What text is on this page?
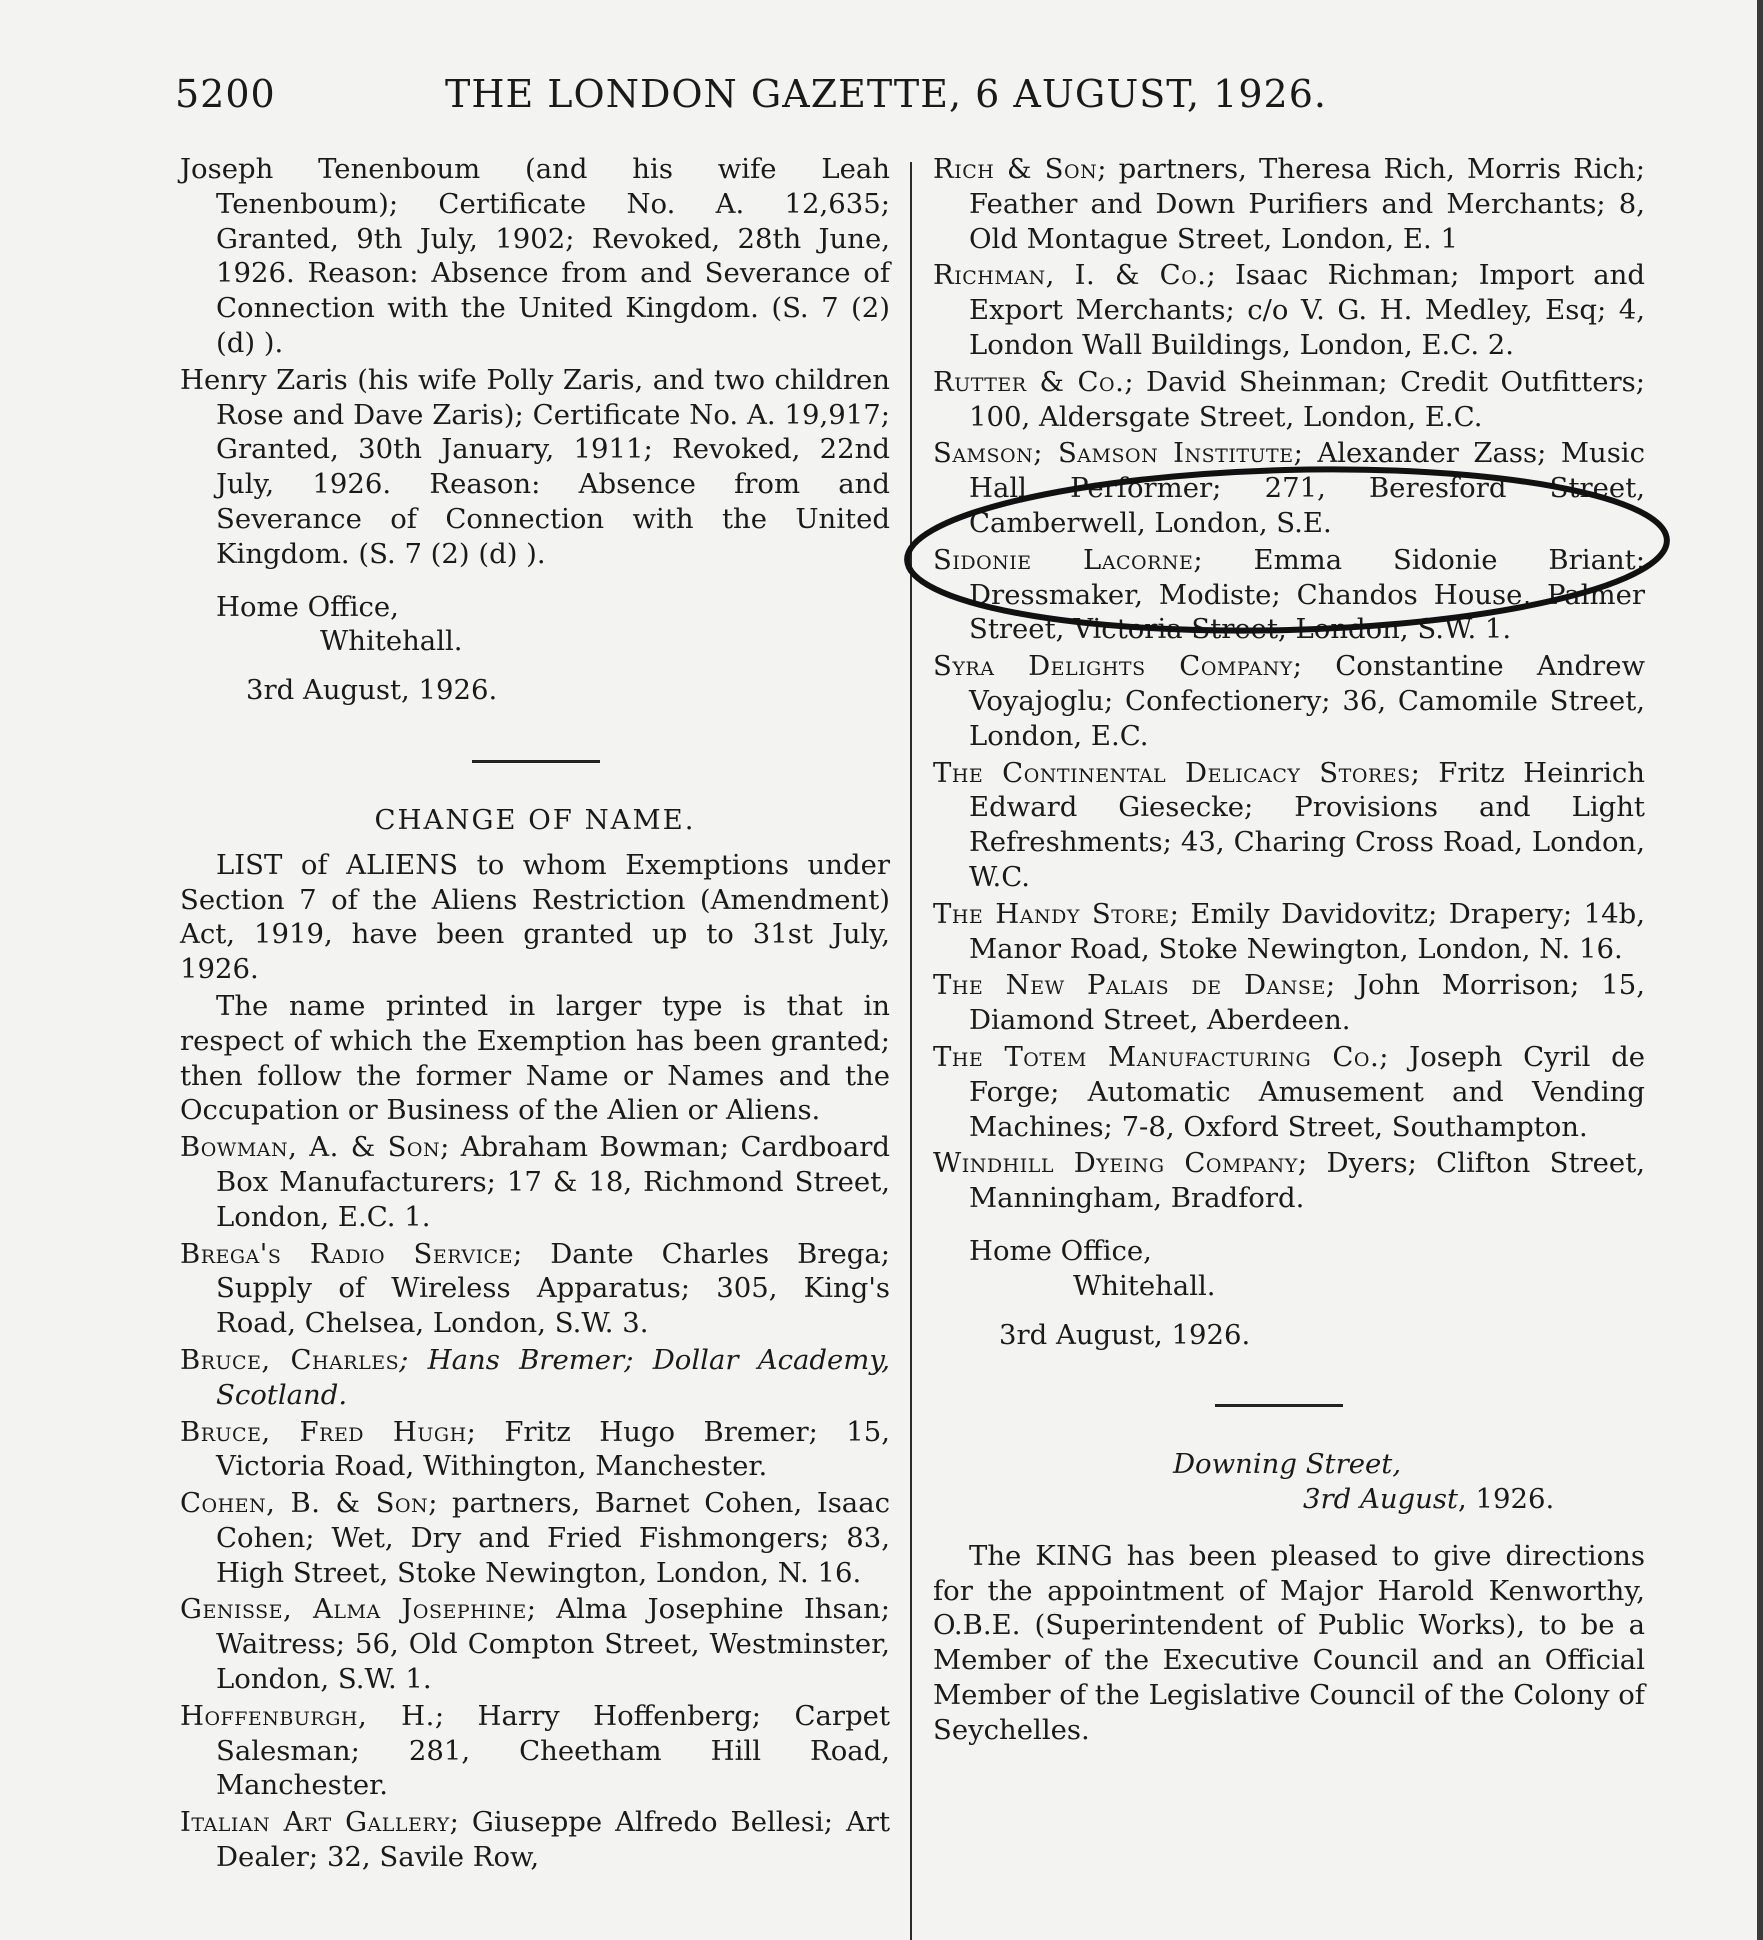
5200	THE LONDON GAZETTE, 6 AUGUST, 1926.

Joseph Tenenboum (and his wife Leah Tenenboum); Certificate No. A. 12,635; Granted, 9th July, 1902; Revoked, 28th June, 1926. Reason: Absence from and Severance of Connection with the United Kingdom. (S. 7 (2) (d) ).

Henry Zaris (his wife Polly Zaris, and two children Rose and Dave Zaris); Certificate No. A. 19,917; Granted, 30th January, 1911; Revoked, 22nd July, 1926. Reason: Absence from and Severance of Connection with the United Kingdom. (S. 7 (2) (d) ).

Home Office,

Whitehall.

3rd August, 1926.

CHANGE OF NAME.

LIST of ALIENS to whom Exemptions under Section 7 of the Aliens Restriction (Amendment) Act, 1919, have been granted up to 31st July, 1926.

The name printed in larger type is that in respect of which the Exemption has been granted; then follow the former Name or Names and the Occupation or Business of the Alien or Aliens.

Bowman, A. & Son; Abraham Bowman; Cardboard Box Manufacturers; 17 & 18, Richmond Street, London, E.C. 1.

Brega's Radio Service; Dante Charles Brega; Supply of Wireless Apparatus; 305, King's Road, Chelsea, London, S.W. 3.

Bruce, Charles; Hans Bremer; Dollar Academy, Scotland.

Bruce, Fred Hugh; Fritz Hugo Bremer; 15, Victoria Road, Withington, Manchester.

Cohen, B. & Son; partners, Barnet Cohen, Isaac Cohen; Wet, Dry and Fried Fishmongers; 83, High Street, Stoke Newington, London, N. 16.

Genisse, Alma Josephine; Alma Josephine Ihsan; Waitress; 56, Old Compton Street, Westminster, London, S.W. 1.

Hoffenburgh, H.; Harry Hoffenberg; Carpet Salesman; 281, Cheetham Hill Road, Manchester.

Italian Art Gallery; Giuseppe Alfredo Bellesi; Art Dealer; 32, Savile Row,

Rich & Son; partners, Theresa Rich, Morris Rich; Feather and Down Purifiers and Merchants; 8, Old Montague Street, London, E. 1

Richman, I. & Co.; Isaac Richman; Import and Export Merchants; c/o V. G. H. Medley, Esq; 4, London Wall Buildings, London, E.C. 2.

Rutter & Co.; David Sheinman; Credit Outfitters; 100, Aldersgate Street, London, E.C.

Samson; Samson Institute; Alexander Zass; Music Hall Performer; 271, Beresford Street, Camberwell, London, S.E.

Sidonie Lacorne; Emma Sidonie Briant; Dressmaker, Modiste; Chandos House, Palmer Street, Victoria Street, London, S.W. 1.

Syra Delights Company; Constantine Andrew Voyajoglu; Confectionery; 36, Camomile Street, London, E.C.

The Continental Delicacy Stores; Fritz Heinrich Edward Giesecke; Provisions and Light Refreshments; 43, Charing Cross Road, London, W.C.

The Handy Store; Emily Davidovitz; Drapery; 14b, Manor Road, Stoke Newington, London, N. 16.

The New Palais de Danse; John Morrison; 15, Diamond Street, Aberdeen.

The Totem Manufacturing Co.; Joseph Cyril de Forge; Automatic Amusement and Vending Machines; 7-8, Oxford Street, Southampton.

Windhill Dyeing Company; Dyers; Clifton Street, Manningham, Bradford.

Home Office,

Whitehall.

3rd August, 1926.

Downing Street,

3rd August, 1926.

The KING has been pleased to give directions for the appointment of Major Harold Kenworthy, O.B.E. (Superintendent of Public Works), to be a Member of the Executive Council and an Official Member of the Legislative Council of the Colony of Seychelles.
